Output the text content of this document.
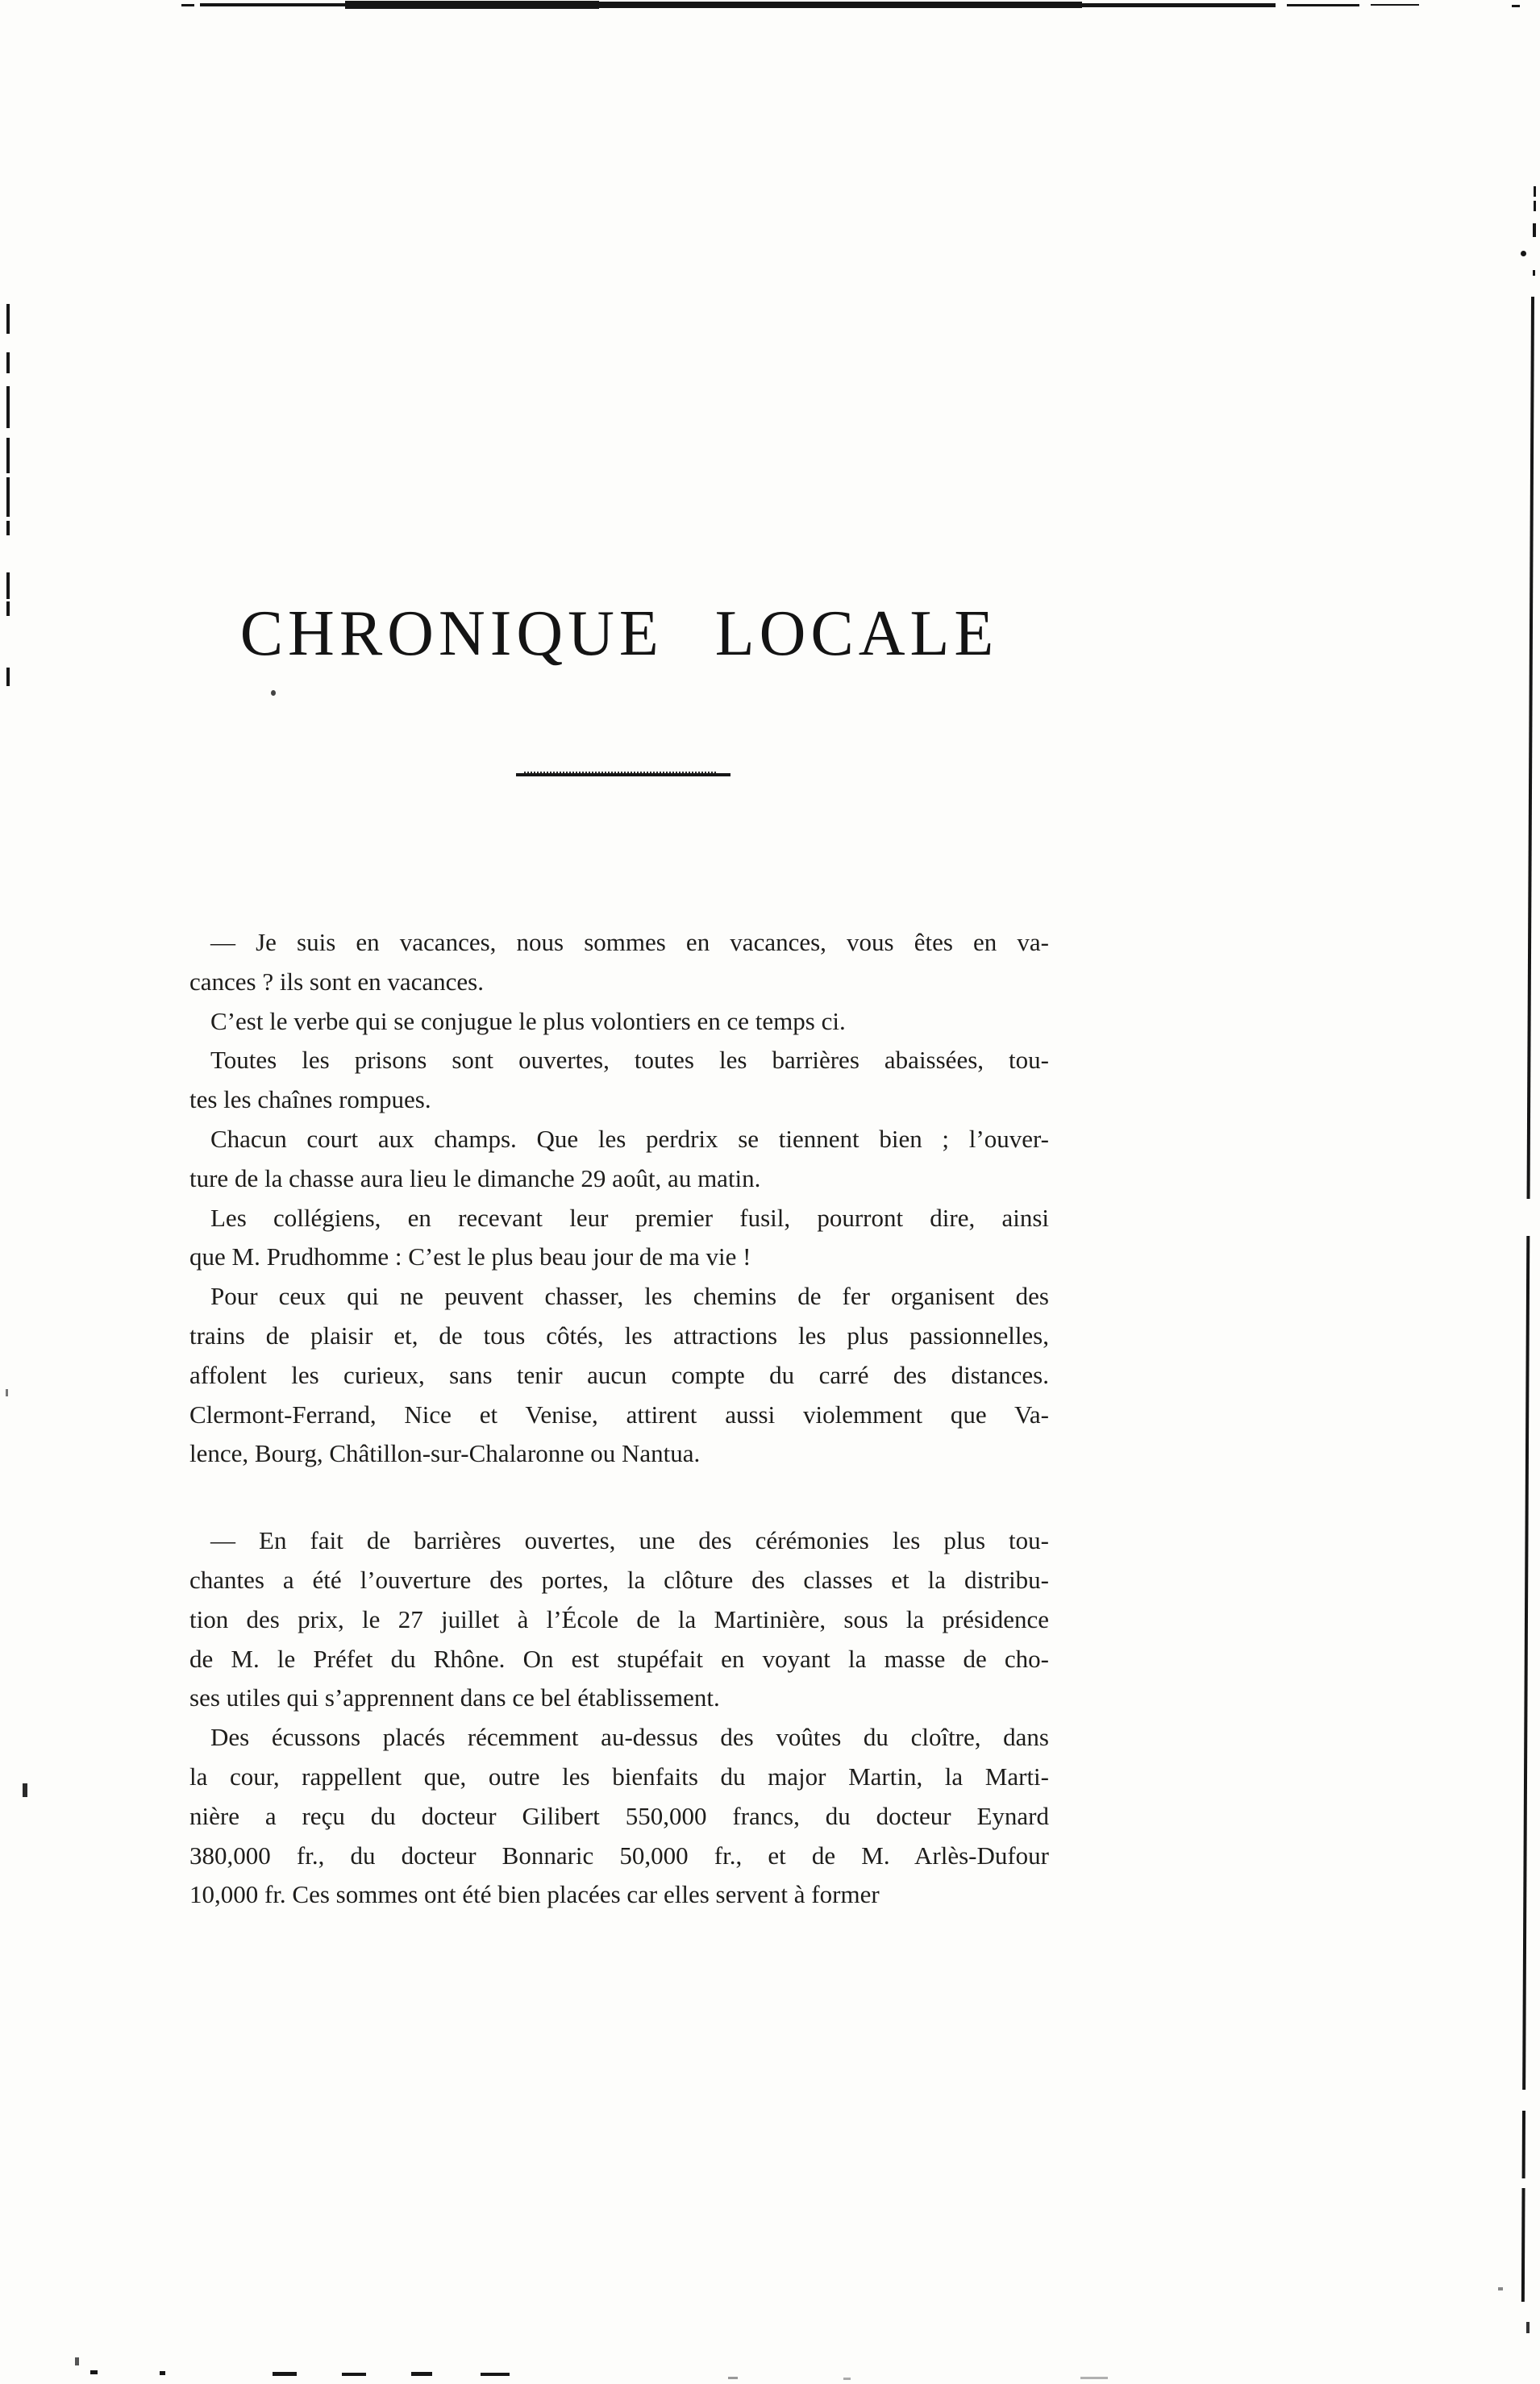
CHRONIQUE LOCALE
— Je suis en vacances, nous sommes en vacances, vous êtes en va-
cances ? ils sont en vacances.
C’est le verbe qui se conjugue le plus volontiers en ce temps ci.
Toutes les prisons sont ouvertes, toutes les barrières abaissées, tou-
tes les chaînes rompues.
Chacun court aux champs. Que les perdrix se tiennent bien ; l’ouver-
ture de la chasse aura lieu le dimanche 29 août, au matin.
Les collégiens, en recevant leur premier fusil, pourront dire, ainsi
que M. Prudhomme : C’est le plus beau jour de ma vie !
Pour ceux qui ne peuvent chasser, les chemins de fer organisent des
trains de plaisir et, de tous côtés, les attractions les plus passionnelles,
affolent les curieux, sans tenir aucun compte du carré des distances.
Clermont-Ferrand, Nice et Venise, attirent aussi violemment que Va-
lence, Bourg, Châtillon-sur-Chalaronne ou Nantua.
— En fait de barrières ouvertes, une des cérémonies les plus tou-
chantes a été l’ouverture des portes, la clôture des classes et la distribu-
tion des prix, le 27 juillet à l’École de la Martinière, sous la présidence
de M. le Préfet du Rhône. On est stupéfait en voyant la masse de cho-
ses utiles qui s’apprennent dans ce bel établissement.
Des écussons placés récemment au-dessus des voûtes du cloître, dans
la cour, rappellent que, outre les bienfaits du major Martin, la Marti-
nière a reçu du docteur Gilibert 550,000 francs, du docteur Eynard
380,000 fr., du docteur Bonnaric 50,000 fr., et de M. Arlès-Dufour
10,000 fr. Ces sommes ont été bien placées car elles servent à former
